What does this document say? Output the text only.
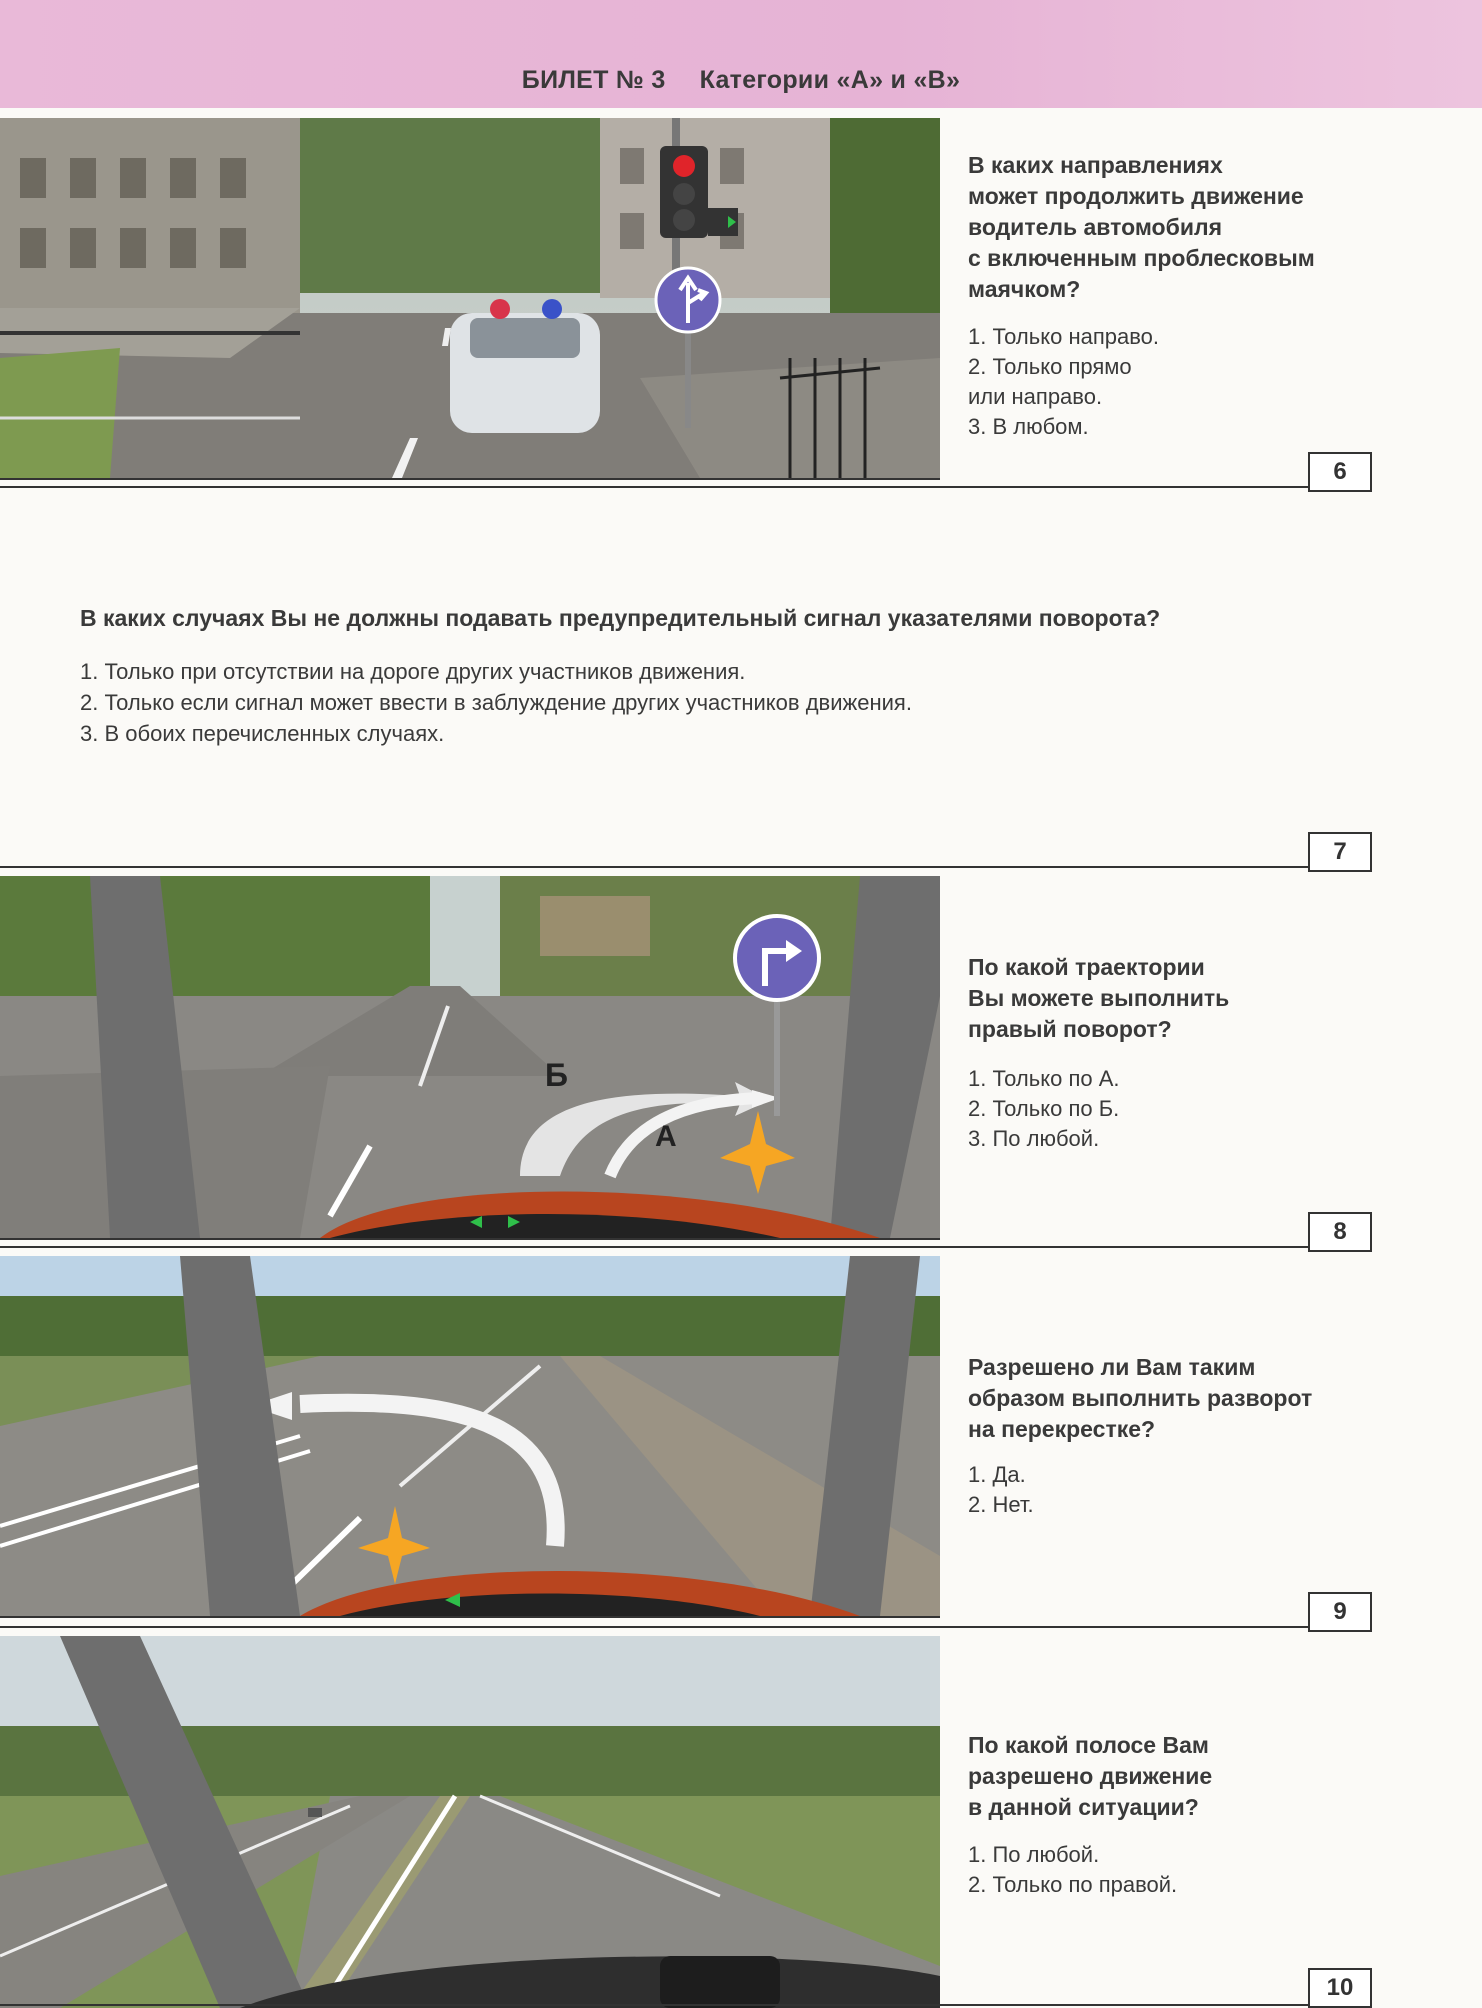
БИЛЕТ № 3 Категории «А» и «В»
В каких направлениях
может продолжить движение
водитель автомобиля
с включенным проблесковым
маячком?
1. Только направо.
2. Только прямо
или направо.
3. В любом.
6
В каких случаях Вы не должны подавать предупредительный сигнал указателями поворота?
1. Только при отсутствии на дороге других участников движения.
2. Только если сигнал может ввести в заблуждение других участников движения.
3. В обоих перечисленных случаях.
7
Б
А
По какой траектории
Вы можете выполнить
правый поворот?
1. Только по А.
2. Только по Б.
3. По любой.
8
Разрешено ли Вам таким
образом выполнить разворот
на перекрестке?
1. Да.
2. Нет.
9
По какой полосе Вам
разрешено движение
в данной ситуации?
1. По любой.
2. Только по правой.
10
